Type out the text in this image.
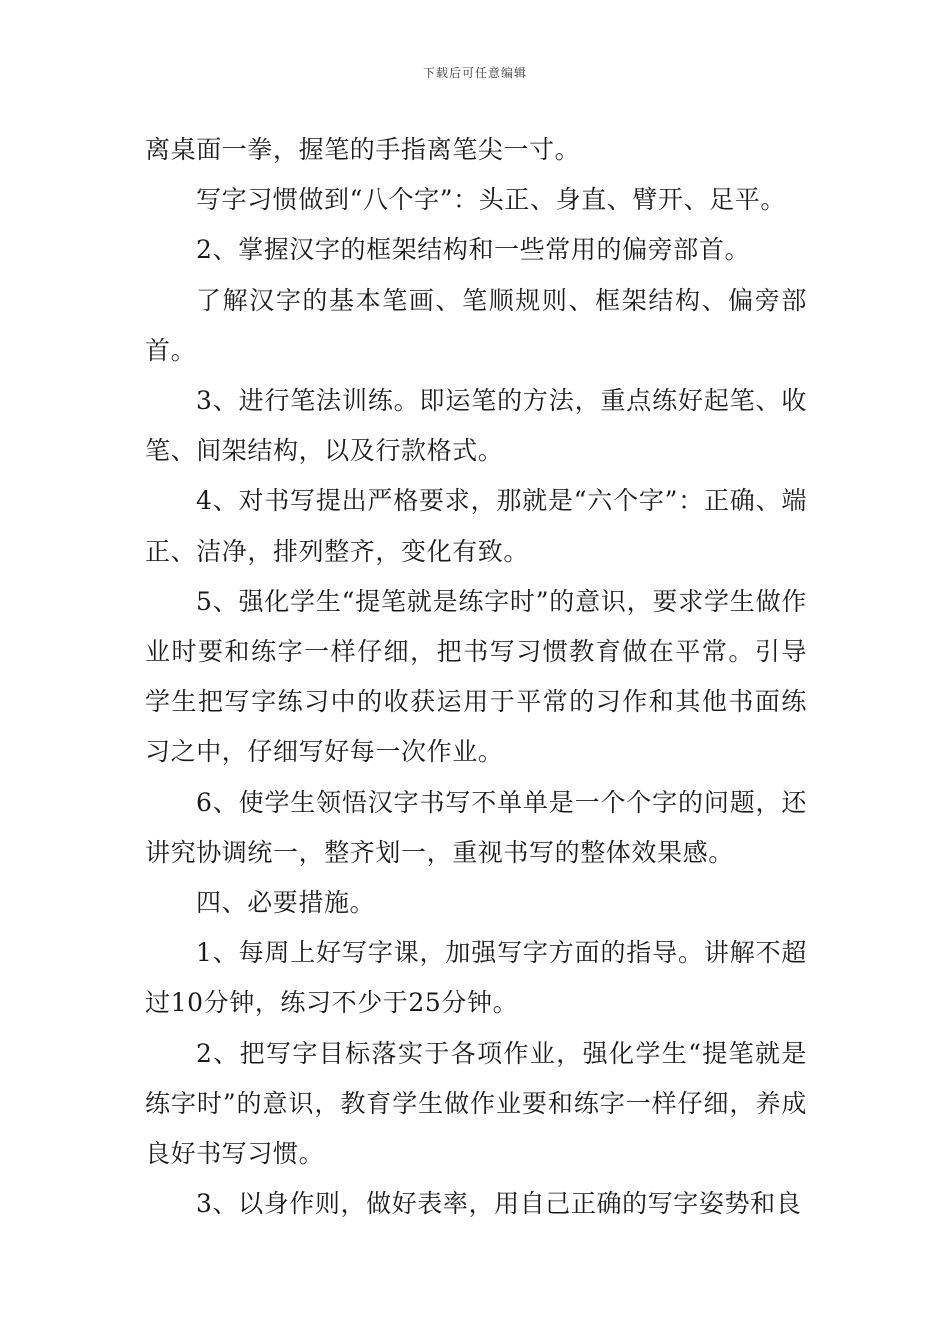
下载后可任意编辑

离桌面一拳，握笔的手指离笔尖一寸。

写字习惯做到“八个字”：头正、身直、臂开、足平。

2、掌握汉字的框架结构和一些常用的偏旁部首。

了解汉字的基本笔画、笔顺规则、框架结构、偏旁部首。

3、进行笔法训练。即运笔的方法，重点练好起笔、收笔、间架结构，以及行款格式。

4、对书写提出严格要求，那就是“六个字”：正确、端正、洁净，排列整齐，变化有致。

5、强化学生“提笔就是练字时”的意识，要求学生做作业时要和练字一样仔细，把书写习惯教育做在平常。引导学生把写字练习中的收获运用于平常的习作和其他书面练习之中，仔细写好每一次作业。

6、使学生领悟汉字书写不单单是一个个字的问题，还讲究协调统一，整齐划一，重视书写的整体效果感。

四、必要措施。

1、每周上好写字课，加强写字方面的指导。讲解不超过10分钟，练习不少于25分钟。

2、把写字目标落实于各项作业，强化学生“提笔就是练字时”的意识，教育学生做作业要和练字一样仔细，养成良好书写习惯。

3、以身作则，做好表率，用自己正确的写字姿势和良
